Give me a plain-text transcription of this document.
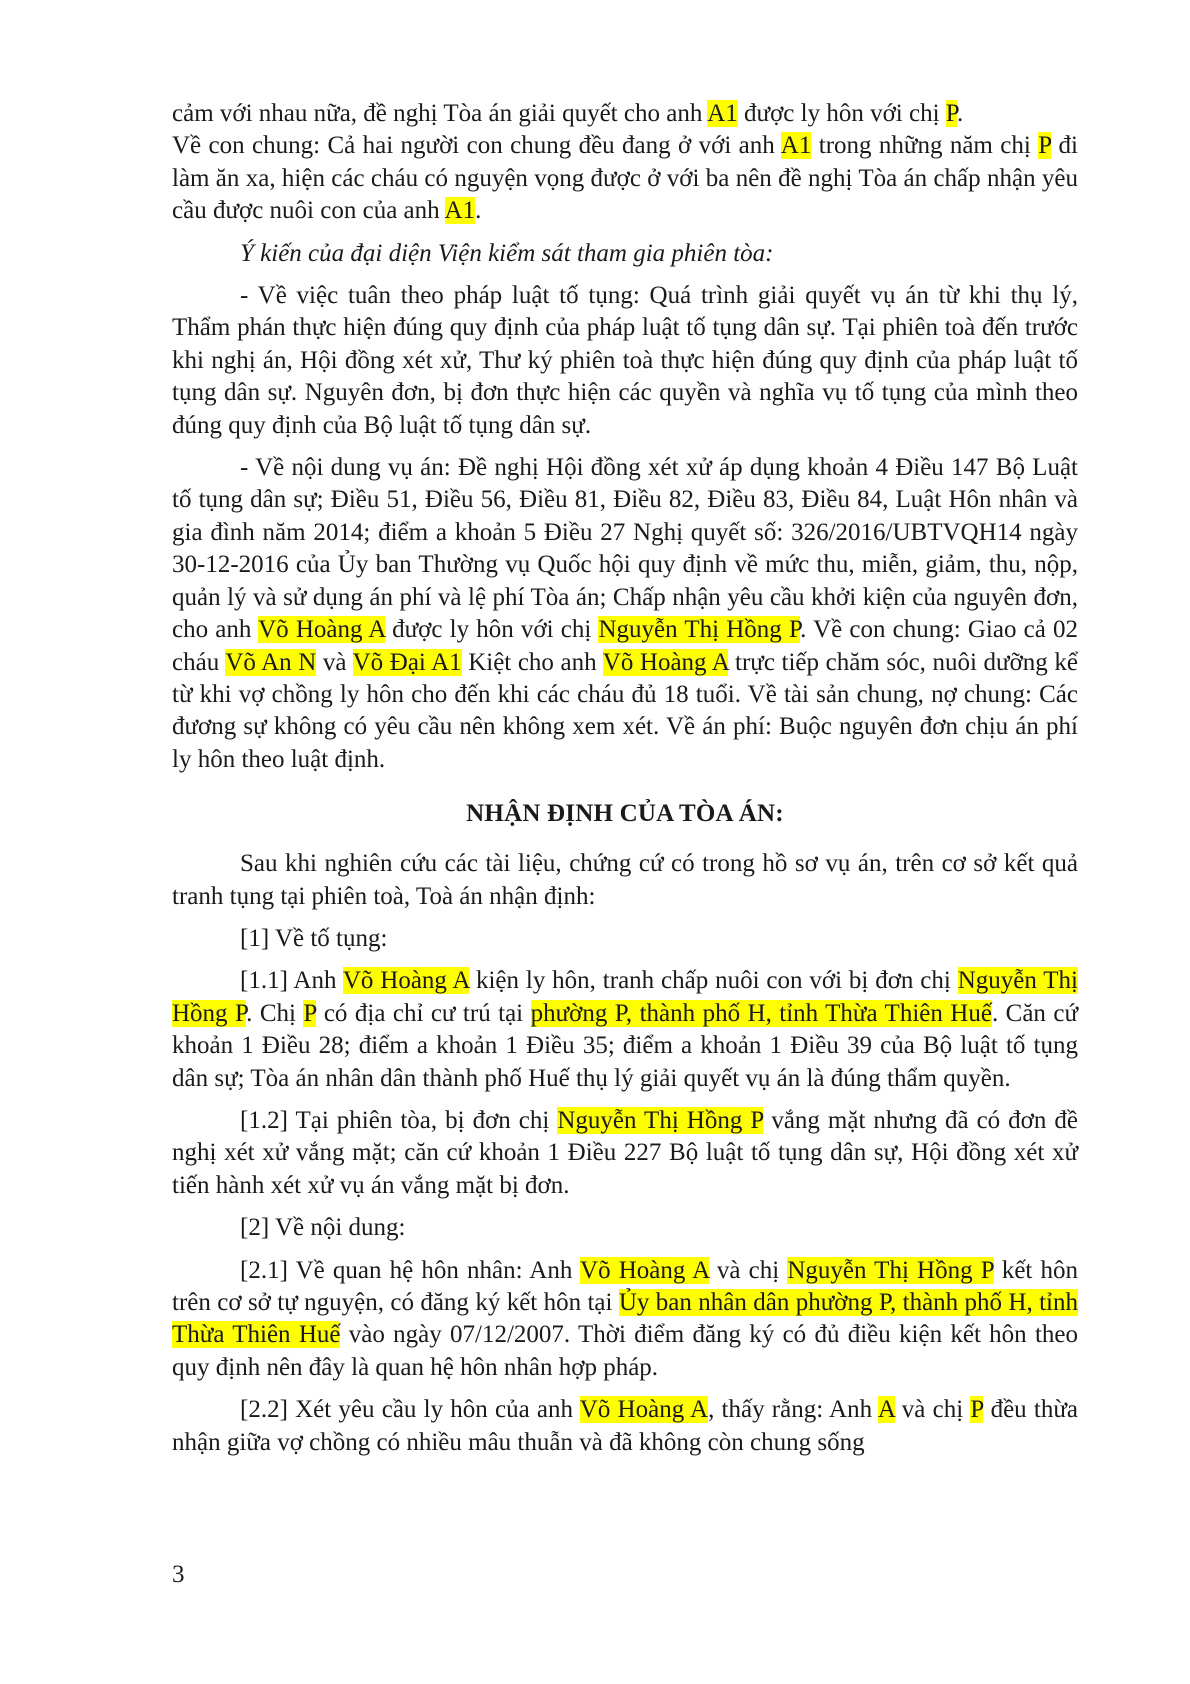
cảm với nhau nữa, đề nghị Tòa án giải quyết cho anh A1 được ly hôn với chị P.
Về con chung: Cả hai người con chung đều đang ở với anh A1 trong những năm chị P đi làm ăn xa, hiện các cháu có nguyện vọng được ở với ba nên đề nghị Tòa án chấp nhận yêu cầu được nuôi con của anh A1.

Ý kiến của đại diện Viện kiểm sát tham gia phiên tòa:

- Về việc tuân theo pháp luật tố tụng: Quá trình giải quyết vụ án từ khi thụ lý, Thẩm phán thực hiện đúng quy định của pháp luật tố tụng dân sự. Tại phiên toà đến trước khi nghị án, Hội đồng xét xử, Thư ký phiên toà thực hiện đúng quy định của pháp luật tố tụng dân sự. Nguyên đơn, bị đơn thực hiện các quyền và nghĩa vụ tố tụng của mình theo đúng quy định của Bộ luật tố tụng dân sự.

- Về nội dung vụ án: Đề nghị Hội đồng xét xử áp dụng khoản 4 Điều 147 Bộ Luật tố tụng dân sự; Điều 51, Điều 56, Điều 81, Điều 82, Điều 83, Điều 84, Luật Hôn nhân và gia đình năm 2014; điểm a khoản 5 Điều 27 Nghị quyết số: 326/2016/UBTVQH14 ngày 30-12-2016 của Ủy ban Thường vụ Quốc hội quy định về mức thu, miễn, giảm, thu, nộp, quản lý và sử dụng án phí và lệ phí Tòa án; Chấp nhận yêu cầu khởi kiện của nguyên đơn, cho anh Võ Hoàng A được ly hôn với chị Nguyễn Thị Hồng P. Về con chung: Giao cả 02 cháu Võ An N và Võ Đại A1 Kiệt cho anh Võ Hoàng A trực tiếp chăm sóc, nuôi dưỡng kể từ khi vợ chồng ly hôn cho đến khi các cháu đủ 18 tuổi. Về tài sản chung, nợ chung: Các đương sự không có yêu cầu nên không xem xét. Về án phí: Buộc nguyên đơn chịu án phí ly hôn theo luật định.

NHẬN ĐỊNH CỦA TÒA ÁN:

Sau khi nghiên cứu các tài liệu, chứng cứ có trong hồ sơ vụ án, trên cơ sở kết quả tranh tụng tại phiên toà, Toà án nhận định:

[1] Về tố tụng:

[1.1] Anh Võ Hoàng A kiện ly hôn, tranh chấp nuôi con với bị đơn chị Nguyễn Thị Hồng P. Chị P có địa chỉ cư trú tại phường P, thành phố H, tỉnh Thừa Thiên Huế. Căn cứ khoản 1 Điều 28; điểm a khoản 1 Điều 35; điểm a khoản 1 Điều 39 của Bộ luật tố tụng dân sự; Tòa án nhân dân thành phố Huế thụ lý giải quyết vụ án là đúng thẩm quyền.

[1.2] Tại phiên tòa, bị đơn chị Nguyễn Thị Hồng P vắng mặt nhưng đã có đơn đề nghị xét xử vắng mặt; căn cứ khoản 1 Điều 227 Bộ luật tố tụng dân sự, Hội đồng xét xử tiến hành xét xử vụ án vắng mặt bị đơn.

[2] Về nội dung:

[2.1] Về quan hệ hôn nhân: Anh Võ Hoàng A và chị Nguyễn Thị Hồng P kết hôn trên cơ sở tự nguyện, có đăng ký kết hôn tại Ủy ban nhân dân phường P, thành phố H, tỉnh Thừa Thiên Huế vào ngày 07/12/2007. Thời điểm đăng ký có đủ điều kiện kết hôn theo quy định nên đây là quan hệ hôn nhân hợp pháp.

[2.2] Xét yêu cầu ly hôn của anh Võ Hoàng A, thấy rằng: Anh A và chị P đều thừa nhận giữa vợ chồng có nhiều mâu thuẫn và đã không còn chung sống

3
